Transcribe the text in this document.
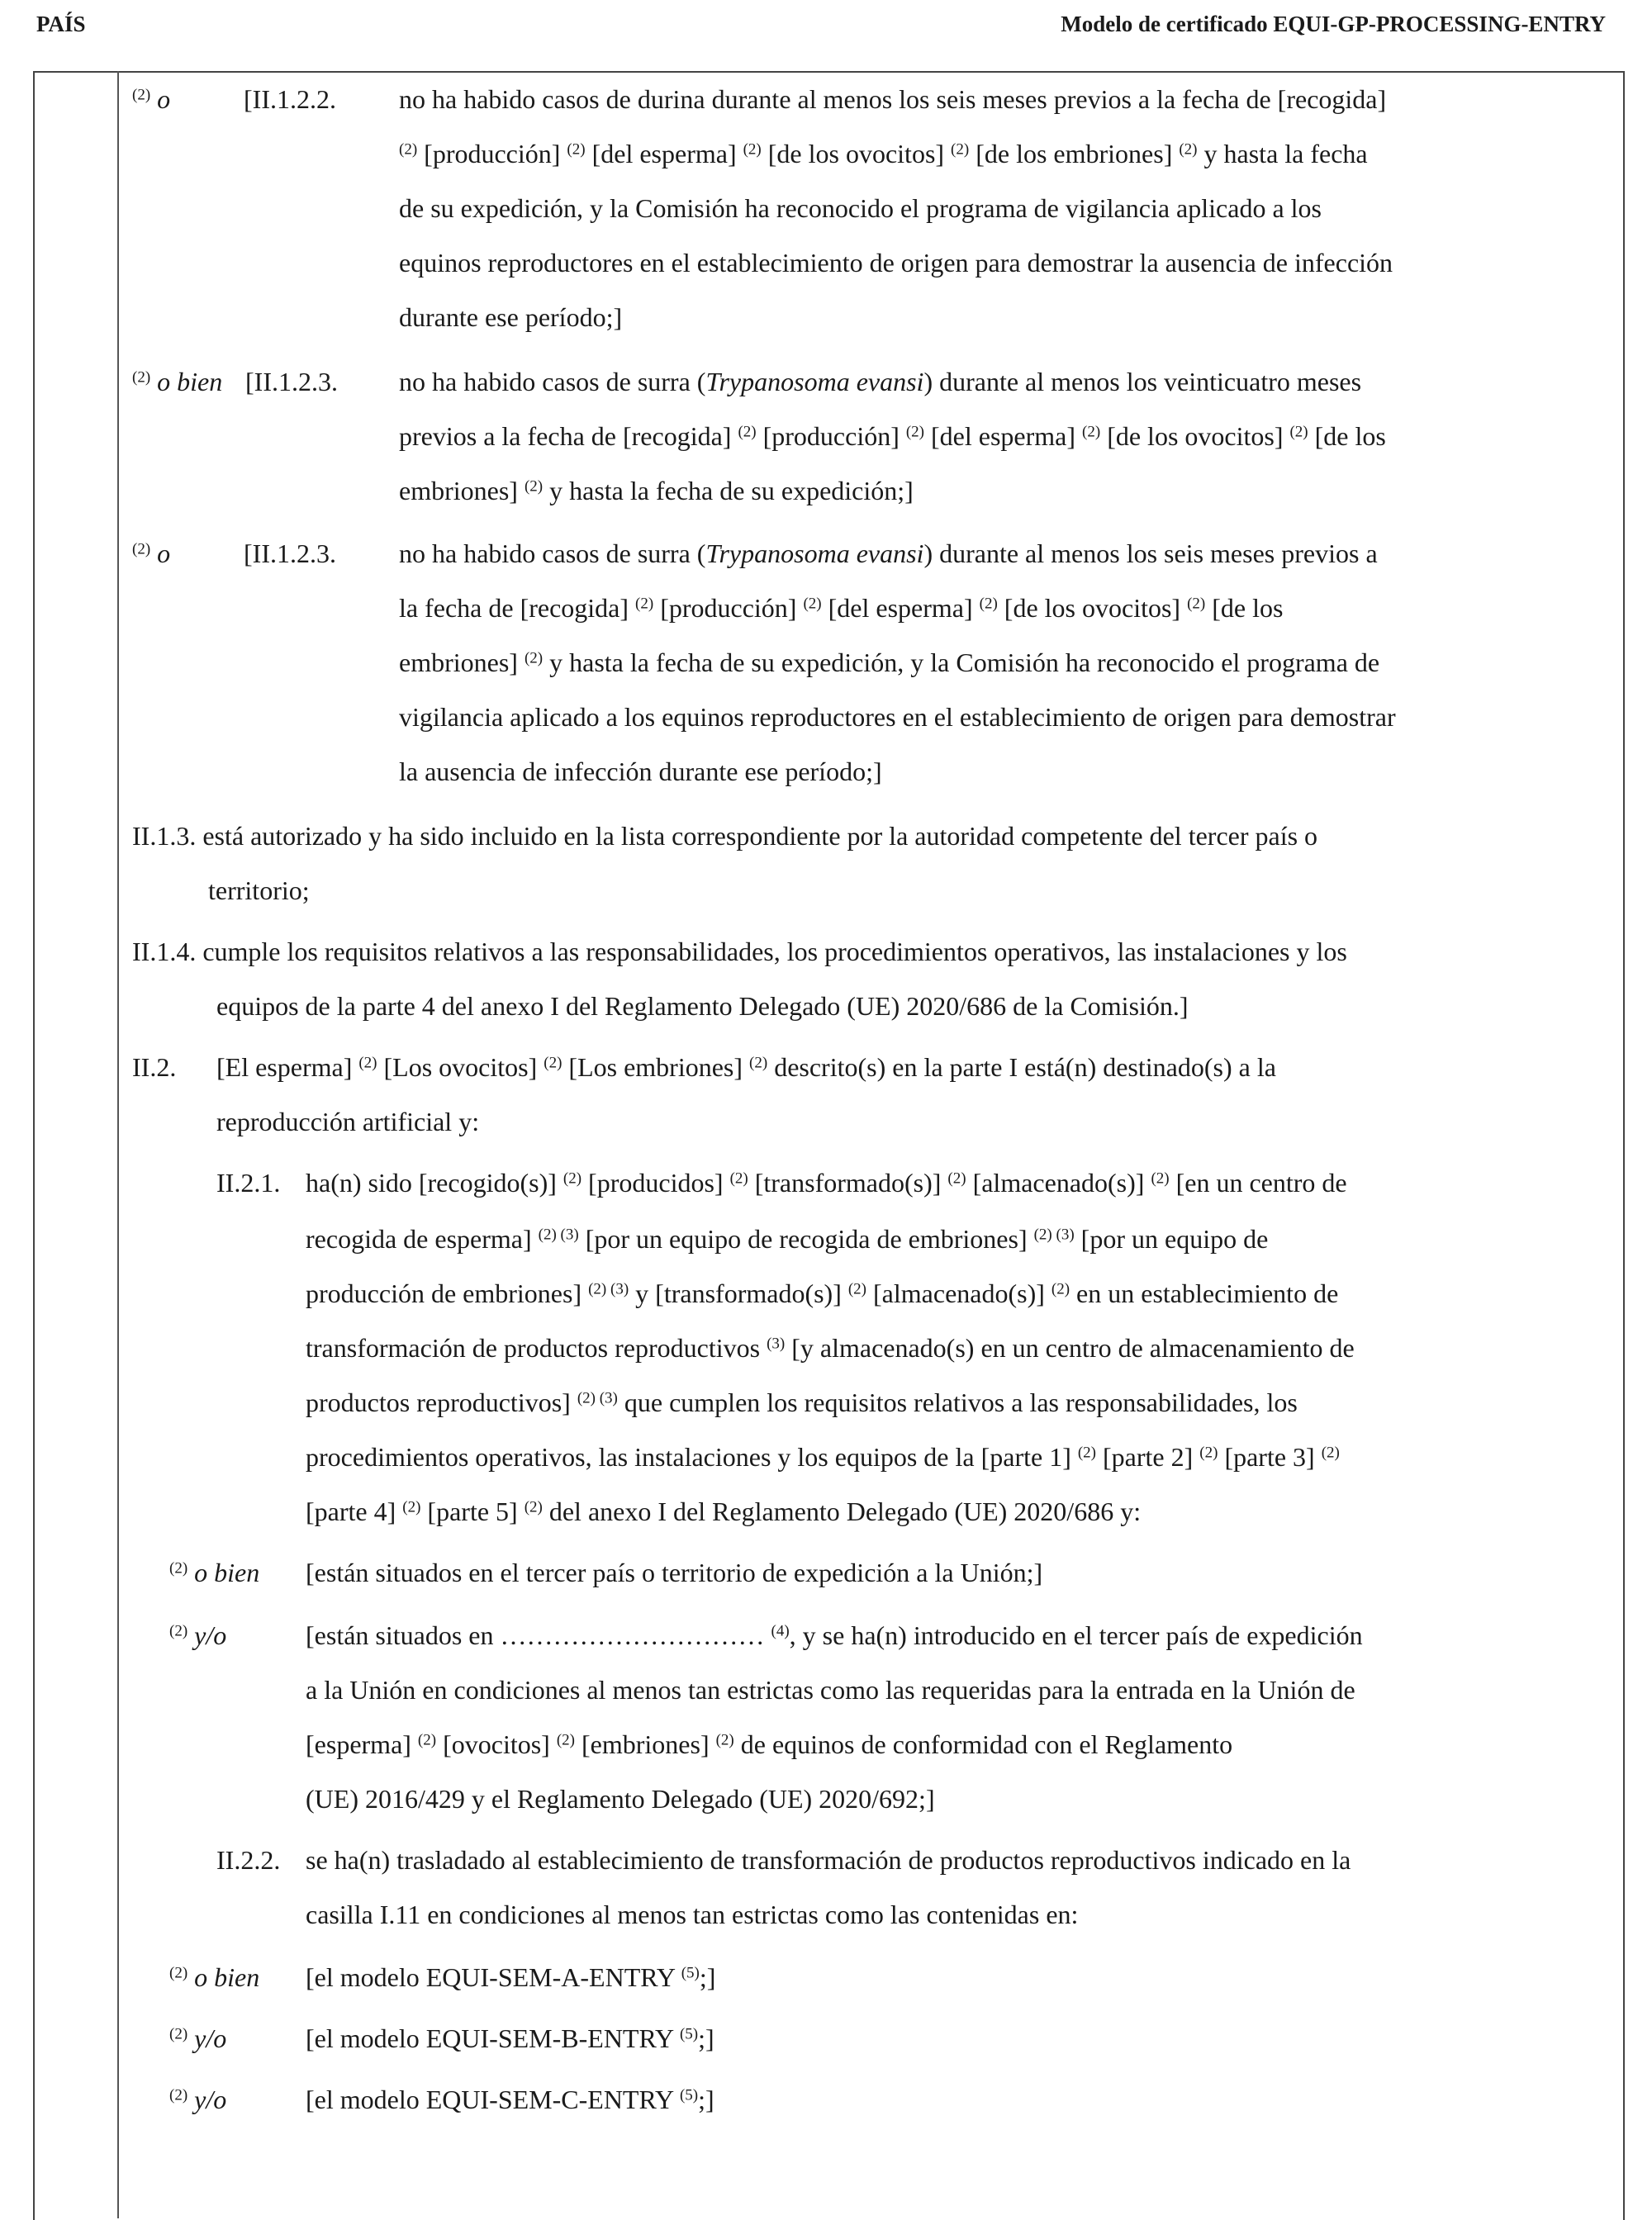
PAÍS	Modelo de certificado EQUI-GP-PROCESSING-ENTRY
$^{(2)}$ o	[II.1.2.2. no ha habido casos de durina durante al menos los seis meses previos a la fecha de [recogida]
$^{(2)}$ [producción] $^{(2)}$ [del esperma] $^{(2)}$ [de los ovocitos] $^{(2)}$ [de los embriones] $^{(2)}$ y hasta la fecha
de su expedición, y la Comisión ha reconocido el programa de vigilancia aplicado a los
equinos reproductores en el establecimiento de origen para demostrar la ausencia de infección
durante ese período;]
$^{(2)}$ o bien [II.1.2.3. no ha habido casos de surra (Trypanosoma evansi) durante al menos los veinticuatro meses
previos a la fecha de [recogida] $^{(2)}$ [producción] $^{(2)}$ [del esperma] $^{(2)}$ [de los ovocitos] $^{(2)}$ [de los
embriones] $^{(2)}$ y hasta la fecha de su expedición;]
$^{(2)}$ o	[II.1.2.3. no ha habido casos de surra (Trypanosoma evansi) durante al menos los seis meses previos a
la fecha de [recogida] $^{(2)}$ [producción] $^{(2)}$ [del esperma] $^{(2)}$ [de los ovocitos] $^{(2)}$ [de los
embriones] $^{(2)}$ y hasta la fecha de su expedición, y la Comisión ha reconocido el programa de
vigilancia aplicado a los equinos reproductores en el establecimiento de origen para demostrar
la ausencia de infección durante ese período;]
II.1.3. está autorizado y ha sido incluido en la lista correspondiente por la autoridad competente del tercer país o
territorio;
II.1.4. cumple los requisitos relativos a las responsabilidades, los procedimientos operativos, las instalaciones y los
equipos de la parte 4 del anexo I del Reglamento Delegado (UE) 2020/686 de la Comisión.]
II.2. [El esperma] $^{(2)}$ [Los ovocitos] $^{(2)}$ [Los embriones] $^{(2)}$ descrito(s) en la parte I está(n) destinado(s) a la
reproducción artificial y:
II.2.1. ha(n) sido [recogido(s)] $^{(2)}$ [producidos] $^{(2)}$ [transformado(s)] $^{(2)}$ [almacenado(s)] $^{(2)}$ [en un centro de
recogida de esperma] $^{(2) (3)}$ [por un equipo de recogida de embriones] $^{(2) (3)}$ [por un equipo de
producción de embriones] $^{(2) (3)}$ y [transformado(s)] $^{(2)}$ [almacenado(s)] $^{(2)}$ en un establecimiento de
transformación de productos reproductivos $^{(3)}$ [y almacenado(s) en un centro de almacenamiento de
productos reproductivos] $^{(2) (3)}$ que cumplen los requisitos relativos a las responsabilidades, los
procedimientos operativos, las instalaciones y los equipos de la [parte 1] $^{(2)}$ [parte 2] $^{(2)}$ [parte 3] $^{(2)}$
[parte 4] $^{(2)}$ [parte 5] $^{(2)}$ del anexo I del Reglamento Delegado (UE) 2020/686 y:
$^{(2)}$ o bien [están situados en el tercer país o territorio de expedición a la Unión;]
$^{(2)}$ y/o	[están situados en ………………………… $^{(4)}$, y se ha(n) introducido en el tercer país de expedición
a la Unión en condiciones al menos tan estrictas como las requeridas para la entrada en la Unión de
[esperma] $^{(2)}$ [ovocitos] $^{(2)}$ [embriones] $^{(2)}$ de equinos de conformidad con el Reglamento
(UE) 2016/429 y el Reglamento Delegado (UE) 2020/692;]
II.2.2. se ha(n) trasladado al establecimiento de transformación de productos reproductivos indicado en la
casilla I.11 en condiciones al menos tan estrictas como las contenidas en:
$^{(2)}$ o bien [el modelo EQUI-SEM-A-ENTRY $^{(5)}$;]
$^{(2)}$ y/o	[el modelo EQUI-SEM-B-ENTRY $^{(5)}$;]
$^{(2)}$ y/o	[el modelo EQUI-SEM-C-ENTRY $^{(5)}$;]
